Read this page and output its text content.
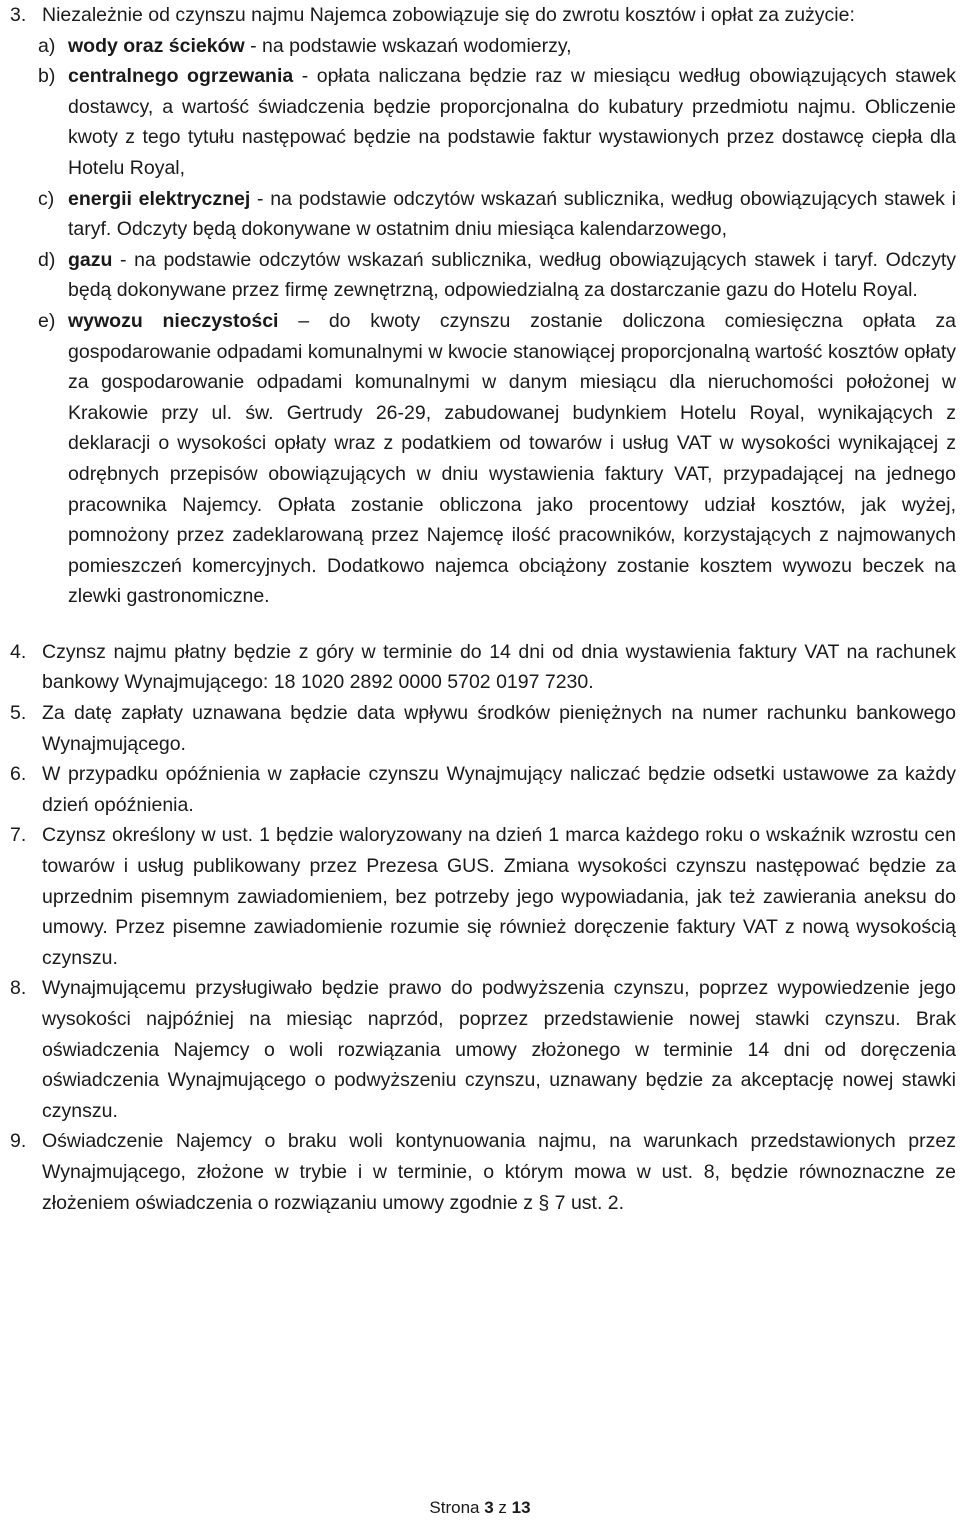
3. Niezależnie od czynszu najmu Najemca zobowiązuje się do zwrotu kosztów i opłat za zużycie:
a) wody oraz ścieków - na podstawie wskazań wodomierzy,
b) centralnego ogrzewania - opłata naliczana będzie raz w miesiącu według obowiązujących stawek dostawcy, a wartość świadczenia będzie proporcjonalna do kubatury przedmiotu najmu. Obliczenie kwoty z tego tytułu następować będzie na podstawie faktur wystawionych przez dostawcę ciepła dla Hotelu Royal,
c) energii elektrycznej - na podstawie odczytów wskazań sublicznika, według obowiązujących stawek i taryf. Odczyty będą dokonywane w ostatnim dniu miesiąca kalendarzowego,
d) gazu - na podstawie odczytów wskazań sublicznika, według obowiązujących stawek i taryf. Odczyty będą dokonywane przez firmę zewnętrzną, odpowiedzialną za dostarczanie gazu do Hotelu Royal.
e) wywozu nieczystości – do kwoty czynszu zostanie doliczona comiesięczna opłata za gospodarowanie odpadami komunalnymi w kwocie stanowiącej proporcjonalną wartość kosztów opłaty za gospodarowanie odpadami komunalnymi w danym miesiącu dla nieruchomości położonej w Krakowie przy ul. św. Gertrudy 26-29, zabudowanej budynkiem Hotelu Royal, wynikających z deklaracji o wysokości opłaty wraz z podatkiem od towarów i usług VAT w wysokości wynikającej z odrębnych przepisów obowiązujących w dniu wystawienia faktury VAT, przypadającej na jednego pracownika Najemcy. Opłata zostanie obliczona jako procentowy udział kosztów, jak wyżej, pomnożony przez zadeklarowaną przez Najemcę ilość pracowników, korzystających z najmowanych pomieszczeń komercyjnych. Dodatkowo najemca obciążony zostanie kosztem wywozu beczek na zlewki gastronomiczne.
4. Czynsz najmu płatny będzie z góry w terminie do 14 dni od dnia wystawienia faktury VAT na rachunek bankowy Wynajmującego: 18 1020 2892 0000 5702 0197 7230.
5. Za datę zapłaty uznawana będzie data wpływu środków pieniężnych na numer rachunku bankowego Wynajmującego.
6. W przypadku opóźnienia w zapłacie czynszu Wynajmujący naliczać będzie odsetki ustawowe za każdy dzień opóźnienia.
7. Czynsz określony w ust. 1 będzie waloryzowany na dzień 1 marca każdego roku o wskaźnik wzrostu cen towarów i usług publikowany przez Prezesa GUS. Zmiana wysokości czynszu następować będzie za uprzednim pisemnym zawiadomieniem, bez potrzeby jego wypowiadania, jak też zawierania aneksu do umowy. Przez pisemne zawiadomienie rozumie się również doręczenie faktury VAT z nową wysokością czynszu.
8. Wynajmującemu przysługiwało będzie prawo do podwyższenia czynszu, poprzez wypowiedzenie jego wysokości najpóźniej na miesiąc naprzód, poprzez przedstawienie nowej stawki czynszu. Brak oświadczenia Najemcy o woli rozwiązania umowy złożonego w terminie 14 dni od doręczenia oświadczenia Wynajmującego o podwyższeniu czynszu, uznawany będzie za akceptację nowej stawki czynszu.
9. Oświadczenie Najemcy o braku woli kontynuowania najmu, na warunkach przedstawionych przez Wynajmującego, złożone w trybie i w terminie, o którym mowa w ust. 8, będzie równoznaczne ze złożeniem oświadczenia o rozwiązaniu umowy zgodnie z § 7 ust. 2.
Strona 3 z 13
